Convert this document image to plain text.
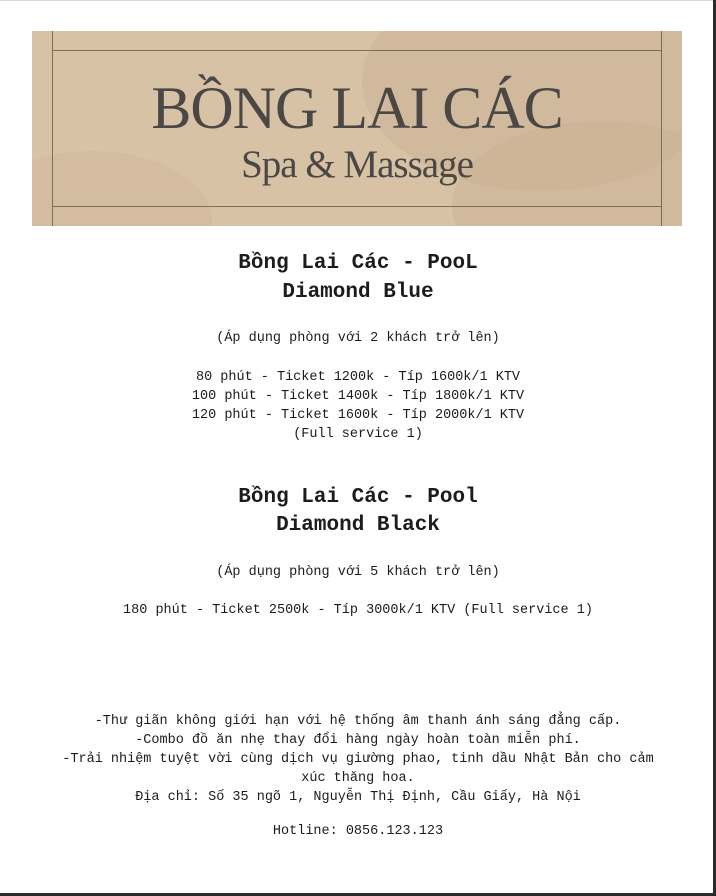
BỒNG LAI CÁC
Spa & Massage
Bồng Lai Các - PooL
Diamond Blue
(Áp dụng phòng với 2 khách trở lên)
80 phút - Ticket 1200k - Típ 1600k/1 KTV
100 phút - Ticket 1400k - Típ 1800k/1 KTV
120 phút - Ticket 1600k - Típ 2000k/1 KTV
(Full service 1)
Bồng Lai Các - Pool
Diamond Black
(Áp dụng phòng với 5 khách trở lên)
180 phút - Ticket 2500k - Típ 3000k/1 KTV (Full service 1)
-Thư giãn không giới hạn với hệ thống âm thanh ánh sáng đẳng cấp.
-Combo đồ ăn nhẹ thay đổi hàng ngày hoàn toàn miễn phí.
-Trải nhiệm tuyệt vời cùng dịch vụ giường phao, tinh dầu Nhật Bản cho cảm
xúc thăng hoa.
Địa chỉ: Số 35 ngõ 1, Nguyễn Thị Định, Cầu Giấy, Hà Nội
Hotline: 0856.123.123
